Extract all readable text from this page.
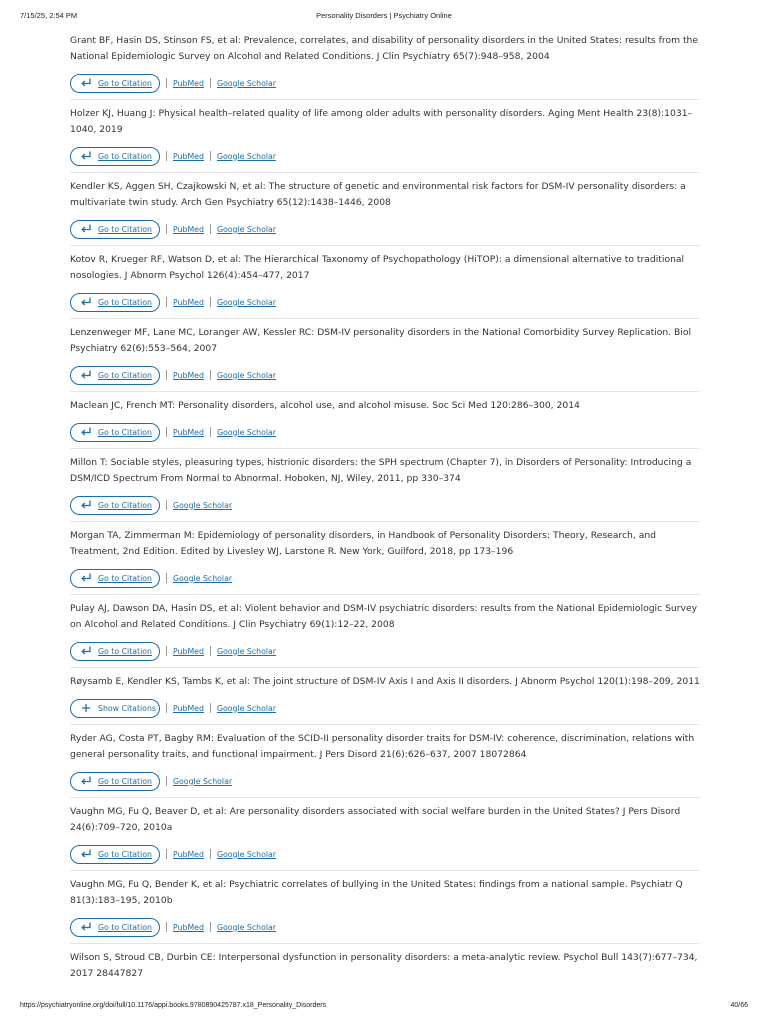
7/15/25, 2:54 PM	Personality Disorders | Psychiatry Online
Grant BF, Hasin DS, Stinson FS, et al: Prevalence, correlates, and disability of personality disorders in the United States: results from the National Epidemiologic Survey on Alcohol and Related Conditions. J Clin Psychiatry 65(7):948–958, 2004
Go to Citation	PubMed Google Scholar
Holzer KJ, Huang J: Physical health–related quality of life among older adults with personality disorders. Aging Ment Health 23(8):1031–1040, 2019
Go to Citation	PubMed Google Scholar
Kendler KS, Aggen SH, Czajkowski N, et al: The structure of genetic and environmental risk factors for DSM-IV personality disorders: a multivariate twin study. Arch Gen Psychiatry 65(12):1438–1446, 2008
Go to Citation	PubMed Google Scholar
Kotov R, Krueger RF, Watson D, et al: The Hierarchical Taxonomy of Psychopathology (HiTOP): a dimensional alternative to traditional nosologies. J Abnorm Psychol 126(4):454–477, 2017
Go to Citation	PubMed Google Scholar
Lenzenweger MF, Lane MC, Loranger AW, Kessler RC: DSM-IV personality disorders in the National Comorbidity Survey Replication. Biol Psychiatry 62(6):553–564, 2007
Go to Citation	PubMed Google Scholar
Maclean JC, French MT: Personality disorders, alcohol use, and alcohol misuse. Soc Sci Med 120:286–300, 2014
Go to Citation	PubMed Google Scholar
Millon T: Sociable styles, pleasuring types, histrionic disorders: the SPH spectrum (Chapter 7), in Disorders of Personality: Introducing a DSM/ICD Spectrum From Normal to Abnormal. Hoboken, NJ, Wiley, 2011, pp 330–374
Go to Citation	Google Scholar
Morgan TA, Zimmerman M: Epidemiology of personality disorders, in Handbook of Personality Disorders: Theory, Research, and Treatment, 2nd Edition. Edited by Livesley WJ, Larstone R. New York, Guilford, 2018, pp 173–196
Go to Citation	Google Scholar
Pulay AJ, Dawson DA, Hasin DS, et al: Violent behavior and DSM-IV psychiatric disorders: results from the National Epidemiologic Survey on Alcohol and Related Conditions. J Clin Psychiatry 69(1):12–22, 2008
Go to Citation	PubMed Google Scholar
Røysamb E, Kendler KS, Tambs K, et al: The joint structure of DSM-IV Axis I and Axis II disorders. J Abnorm Psychol 120(1):198–209, 2011
Show Citations PubMed Google Scholar
Ryder AG, Costa PT, Bagby RM: Evaluation of the SCID-II personality disorder traits for DSM-IV: coherence, discrimination, relations with general personality traits, and functional impairment. J Pers Disord 21(6):626–637, 2007 18072864
Go to Citation	Google Scholar
Vaughn MG, Fu Q, Beaver D, et al: Are personality disorders associated with social welfare burden in the United States? J Pers Disord 24(6):709–720, 2010a
Go to Citation	PubMed Google Scholar
Vaughn MG, Fu Q, Bender K, et al: Psychiatric correlates of bullying in the United States: findings from a national sample. Psychiatr Q 81(3):183–195, 2010b
Go to Citation	PubMed Google Scholar
Wilson S, Stroud CB, Durbin CE: Interpersonal dysfunction in personality disorders: a meta-analytic review. Psychol Bull 143(7):677–734, 2017 28447827
https://psychiatryonline.org/doi/full/10.1176/appi.books.9780890425787.x18_Personality_Disorders	40/66
